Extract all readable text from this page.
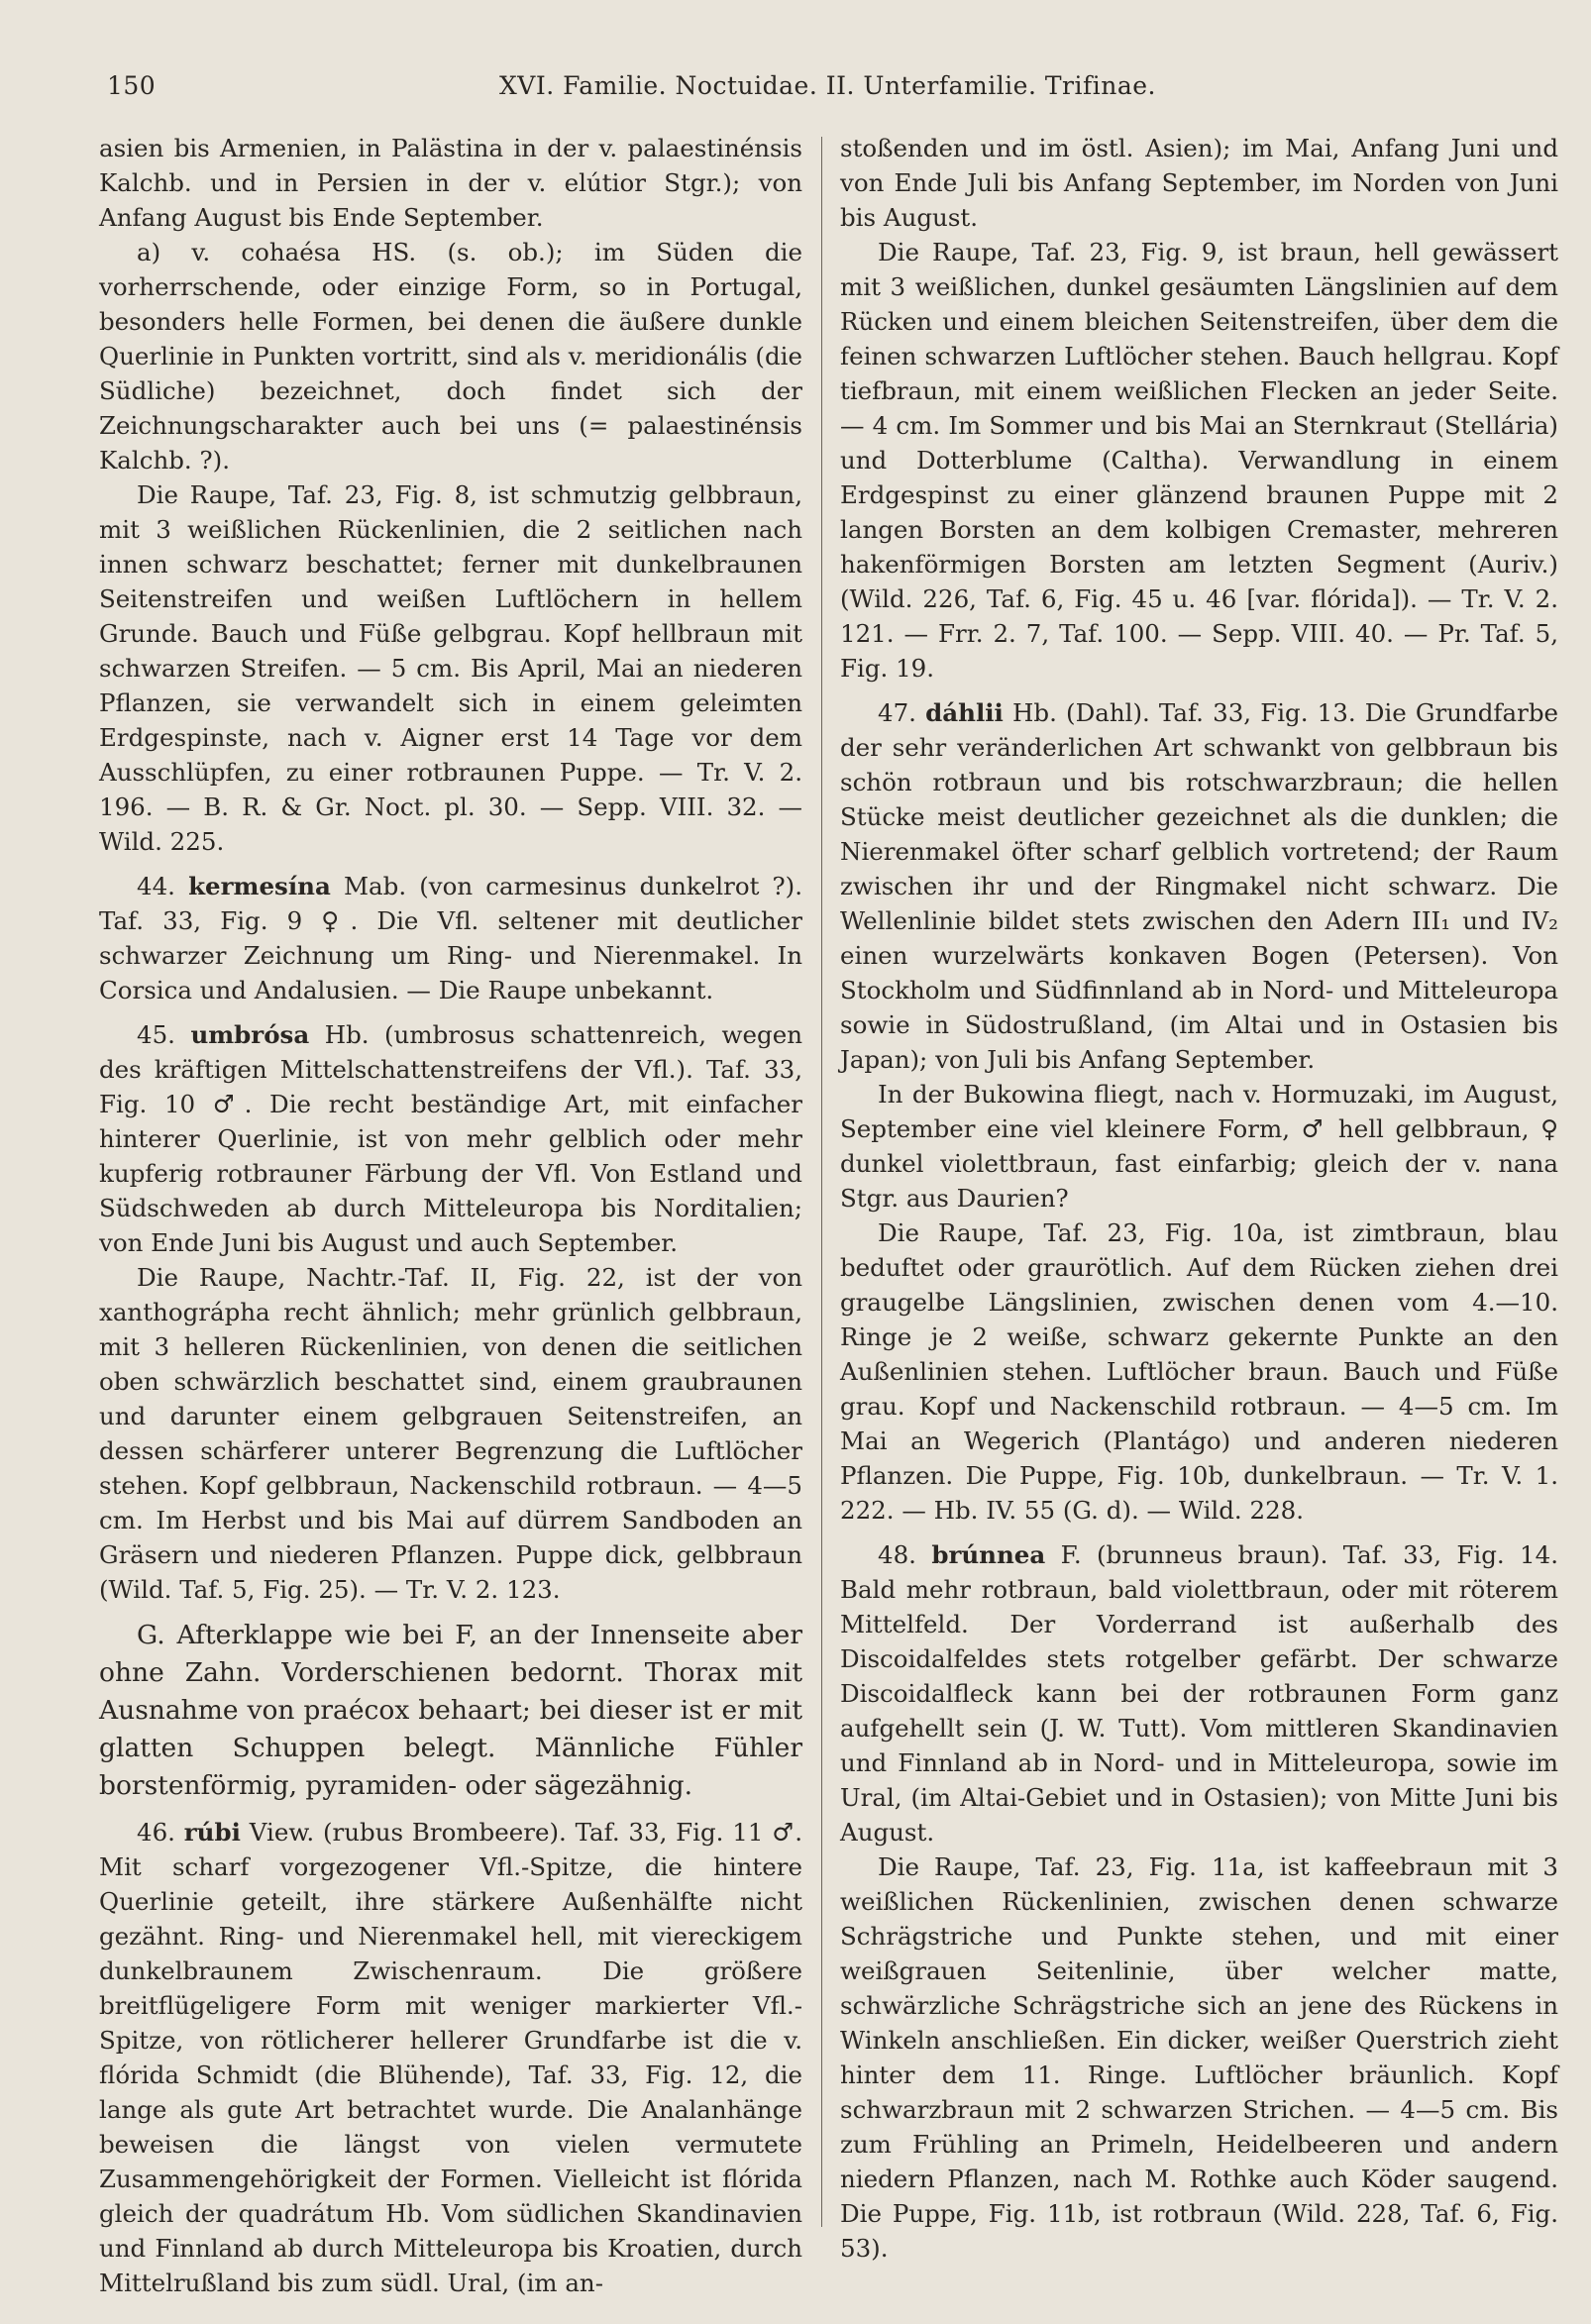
150	XVI. Familie. Noctuidae. II. Unterfamilie. Trifinae.

asien bis Armenien, in Palästina in der v. palaestinénsis Kalchb. und in Persien in der v. elútior Stgr.); von Anfang August bis Ende September.

a) v. cohaésa HS. (s. ob.); im Süden die vorherrschende, oder einzige Form, so in Portugal, besonders helle Formen, bei denen die äußere dunkle Querlinie in Punkten vortritt, sind als v. meridionális (die Südliche) bezeichnet, doch findet sich der Zeichnungscharakter auch bei uns (= palaestinénsis Kalchb. ?).

Die Raupe, Taf. 23, Fig. 8, ist schmutzig gelbbraun, mit 3 weißlichen Rückenlinien, die 2 seitlichen nach innen schwarz beschattet; ferner mit dunkelbraunen Seitenstreifen und weißen Luftlöchern in hellem Grunde. Bauch und Füße gelbgrau. Kopf hellbraun mit schwarzen Streifen. — 5 cm. Bis April, Mai an niederen Pflanzen, sie verwandelt sich in einem geleimten Erdgespinste, nach v. Aigner erst 14 Tage vor dem Ausschlüpfen, zu einer rotbraunen Puppe. — Tr. V. 2. 196. — B. R. & Gr. Noct. pl. 30. — Sepp. VIII. 32. — Wild. 225.

44. kermesína Mab. (von carmesinus dunkelrot ?). Taf. 33, Fig. 9 ♀. Die Vfl. seltener mit deutlicher schwarzer Zeichnung um Ring- und Nierenmakel. In Corsica und Andalusien. — Die Raupe unbekannt.

45. umbrósa Hb. (umbrosus schattenreich, wegen des kräftigen Mittelschattenstreifens der Vfl.). Taf. 33, Fig. 10 ♂. Die recht beständige Art, mit einfacher hinterer Querlinie, ist von mehr gelblich oder mehr kupferig rotbrauner Färbung der Vfl. Von Estland und Südschweden ab durch Mitteleuropa bis Norditalien; von Ende Juni bis August und auch September.

Die Raupe, Nachtr.-Taf. II, Fig. 22, ist der von xanthográpha recht ähnlich; mehr grünlich gelbbraun, mit 3 helleren Rückenlinien, von denen die seitlichen oben schwärzlich beschattet sind, einem graubraunen und darunter einem gelbgrauen Seitenstreifen, an dessen schärferer unterer Begrenzung die Luftlöcher stehen. Kopf gelbbraun, Nackenschild rotbraun. — 4—5 cm. Im Herbst und bis Mai auf dürrem Sandboden an Gräsern und niederen Pflanzen. Puppe dick, gelbbraun (Wild. Taf. 5, Fig. 25). — Tr. V. 2. 123.

G. Afterklappe wie bei F, an der Innenseite aber ohne Zahn. Vorderschienen bedornt. Thorax mit Ausnahme von praécox behaart; bei dieser ist er mit glatten Schuppen belegt. Männliche Fühler borstenförmig, pyramiden- oder sägezähnig.

46. rúbi View. (rubus Brombeere). Taf. 33, Fig. 11 ♂. Mit scharf vorgezogener Vfl.-Spitze, die hintere Querlinie geteilt, ihre stärkere Außenhälfte nicht gezähnt. Ring- und Nierenmakel hell, mit viereckigem dunkelbraunem Zwischenraum. Die größere breitflügeligere Form mit weniger markierter Vfl.-Spitze, von rötlicherer hellerer Grundfarbe ist die v. flórida Schmidt (die Blühende), Taf. 33, Fig. 12, die lange als gute Art betrachtet wurde. Die Analanhänge beweisen die längst von vielen vermutete Zusammengehörigkeit der Formen. Vielleicht ist flórida gleich der quadrátum Hb. Vom südlichen Skandinavien und Finnland ab durch Mitteleuropa bis Kroatien, durch Mittelrußland bis zum südl. Ural, (im an-

stoßenden und im östl. Asien); im Mai, Anfang Juni und von Ende Juli bis Anfang September, im Norden von Juni bis August.

Die Raupe, Taf. 23, Fig. 9, ist braun, hell gewässert mit 3 weißlichen, dunkel gesäumten Längslinien auf dem Rücken und einem bleichen Seitenstreifen, über dem die feinen schwarzen Luftlöcher stehen. Bauch hellgrau. Kopf tiefbraun, mit einem weißlichen Flecken an jeder Seite. — 4 cm. Im Sommer und bis Mai an Sternkraut (Stellária) und Dotterblume (Caltha). Verwandlung in einem Erdgespinst zu einer glänzend braunen Puppe mit 2 langen Borsten an dem kolbigen Cremaster, mehreren hakenförmigen Borsten am letzten Segment (Auriv.) (Wild. 226, Taf. 6, Fig. 45 u. 46 [var. flórida]). — Tr. V. 2. 121. — Frr. 2. 7, Taf. 100. — Sepp. VIII. 40. — Pr. Taf. 5, Fig. 19.

47. dáhlii Hb. (Dahl). Taf. 33, Fig. 13. Die Grundfarbe der sehr veränderlichen Art schwankt von gelbbraun bis schön rotbraun und bis rotschwarzbraun; die hellen Stücke meist deutlicher gezeichnet als die dunklen; die Nierenmakel öfter scharf gelblich vortretend; der Raum zwischen ihr und der Ringmakel nicht schwarz. Die Wellenlinie bildet stets zwischen den Adern III₁ und IV₂ einen wurzelwärts konkaven Bogen (Petersen). Von Stockholm und Südfinnland ab in Nord- und Mitteleuropa sowie in Südostrußland, (im Altai und in Ostasien bis Japan); von Juli bis Anfang September.

In der Bukowina fliegt, nach v. Hormuzaki, im August, September eine viel kleinere Form, ♂ hell gelbbraun, ♀ dunkel violettbraun, fast einfarbig; gleich der v. nana Stgr. aus Daurien?

Die Raupe, Taf. 23, Fig. 10a, ist zimtbraun, blau beduftet oder graurötlich. Auf dem Rücken ziehen drei graugelbe Längslinien, zwischen denen vom 4.—10. Ringe je 2 weiße, schwarz gekernte Punkte an den Außenlinien stehen. Luftlöcher braun. Bauch und Füße grau. Kopf und Nackenschild rotbraun. — 4—5 cm. Im Mai an Wegerich (Plantágo) und anderen niederen Pflanzen. Die Puppe, Fig. 10b, dunkelbraun. — Tr. V. 1. 222. — Hb. IV. 55 (G. d). — Wild. 228.

48. brúnnea F. (brunneus braun). Taf. 33, Fig. 14. Bald mehr rotbraun, bald violettbraun, oder mit röterem Mittelfeld. Der Vorderrand ist außerhalb des Discoidalfeldes stets rotgelber gefärbt. Der schwarze Discoidalfleck kann bei der rotbraunen Form ganz aufgehellt sein (J. W. Tutt). Vom mittleren Skandinavien und Finnland ab in Nord- und in Mitteleuropa, sowie im Ural, (im Altai-Gebiet und in Ostasien); von Mitte Juni bis August.

Die Raupe, Taf. 23, Fig. 11a, ist kaffeebraun mit 3 weißlichen Rückenlinien, zwischen denen schwarze Schrägstriche und Punkte stehen, und mit einer weißgrauen Seitenlinie, über welcher matte, schwärzliche Schrägstriche sich an jene des Rückens in Winkeln anschließen. Ein dicker, weißer Querstrich zieht hinter dem 11. Ringe. Luftlöcher bräunlich. Kopf schwarzbraun mit 2 schwarzen Strichen. — 4—5 cm. Bis zum Frühling an Primeln, Heidelbeeren und andern niedern Pflanzen, nach M. Rothke auch Köder saugend. Die Puppe, Fig. 11b, ist rotbraun (Wild. 228, Taf. 6, Fig. 53).
